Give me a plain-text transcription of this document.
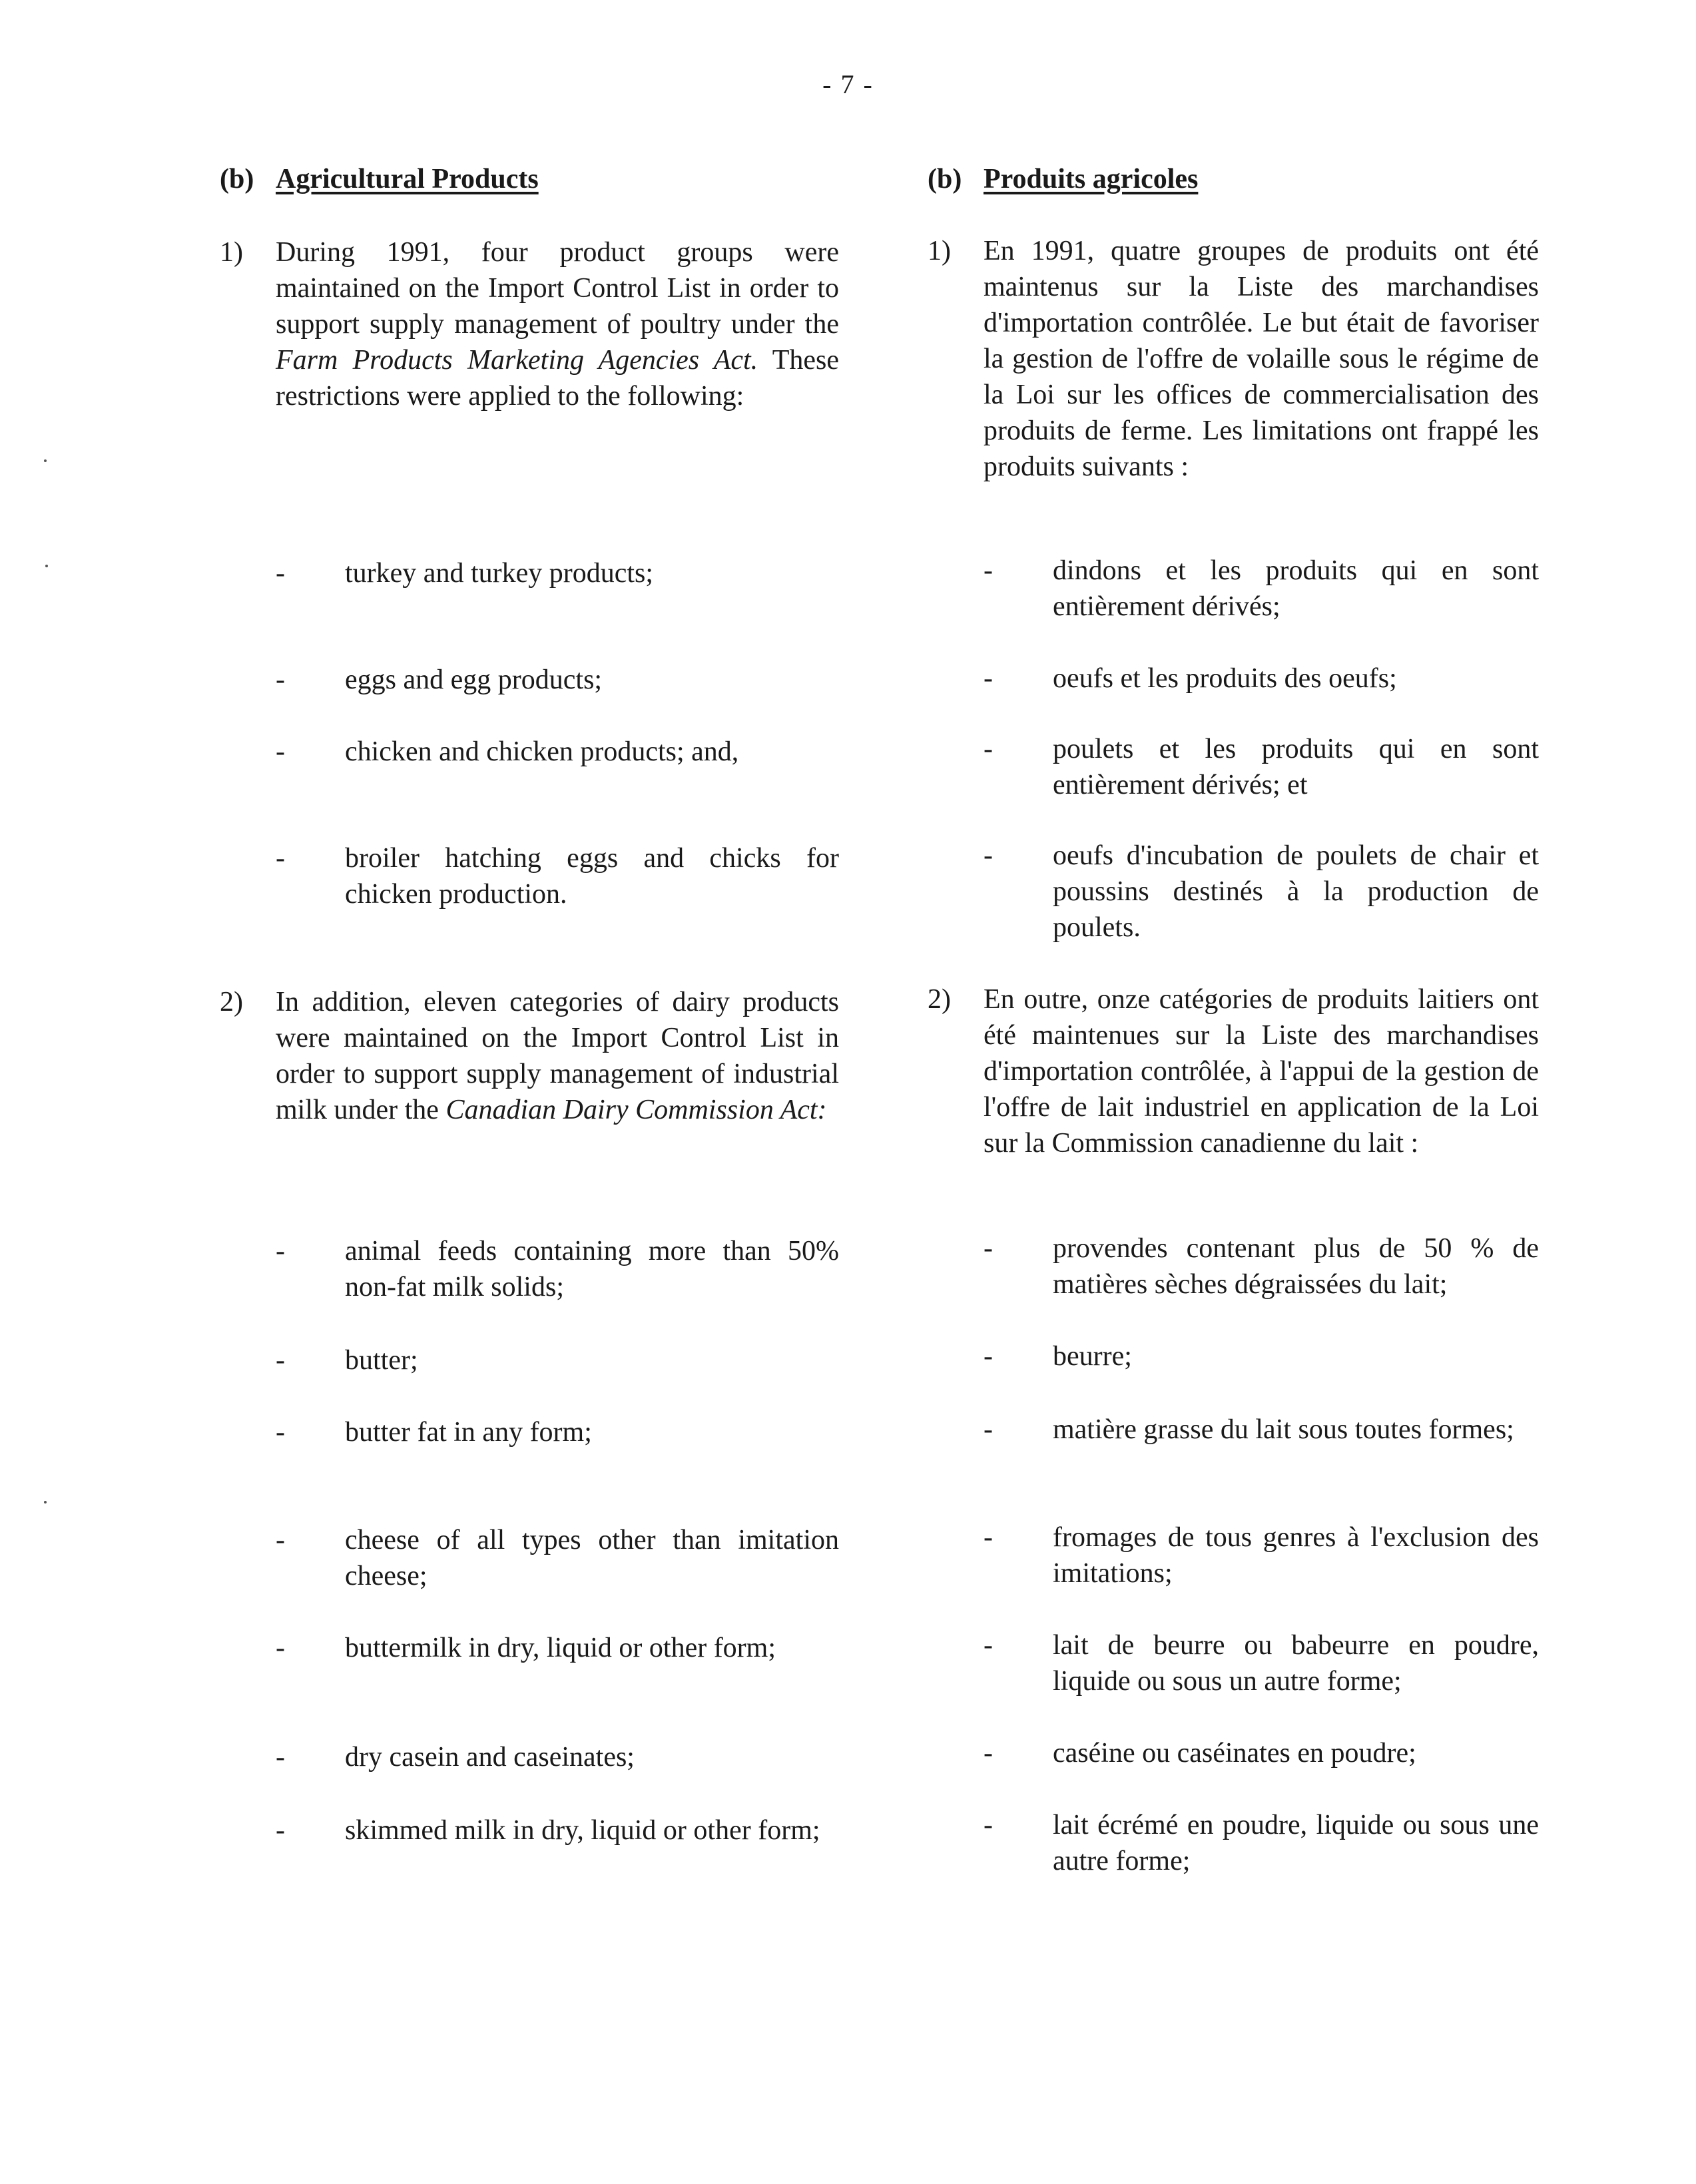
- 7 -
(b) Agricultural Products
1)	During 1991, four product groups were maintained on the Import Control List in order to support supply management of poultry under the Farm Products Marketing Agencies Act. These restrictions were applied to the following:
-	turkey and turkey products;
-	eggs and egg products;
-	chicken and chicken products; and,
-	broiler hatching eggs and chicks for chicken production.
2)	In addition, eleven categories of dairy products were maintained on the Import Control List in order to support supply management of industrial milk under the Canadian Dairy Commission Act:
-	animal feeds containing more than 50% non-fat milk solids;
-	butter;
-	butter fat in any form;
-	cheese of all types other than imitation cheese;
-	buttermilk in dry, liquid or other form;
-	dry casein and caseinates;
-	skimmed milk in dry, liquid or other form;
(b) Produits agricoles
1)	En 1991, quatre groupes de produits ont été maintenus sur la Liste des marchandises d'importation contrôlée. Le but était de favoriser la gestion de l'offre de volaille sous le régime de la Loi sur les offices de commercialisation des produits de ferme. Les limitations ont frappé les produits suivants :
-	dindons et les produits qui en sont entièrement dérivés;
-	oeufs et les produits des oeufs;
-	poulets et les produits qui en sont entièrement dérivés; et
-	oeufs d'incubation de poulets de chair et poussins destinés à la production de poulets.
2)	En outre, onze catégories de produits laitiers ont été maintenues sur la Liste des marchandises d'importation contrôlée, à l'appui de la gestion de l'offre de lait industriel en application de la Loi sur la Commission canadienne du lait :
-	provendes contenant plus de 50 % de matières sèches dégraissées du lait;
-	beurre;
-	matière grasse du lait sous toutes formes;
-	fromages de tous genres à l'exclusion des imitations;
-	lait de beurre ou babeurre en poudre, liquide ou sous un autre forme;
-	caséine ou caséinates en poudre;
-	lait écrémé en poudre, liquide ou sous une autre forme;
